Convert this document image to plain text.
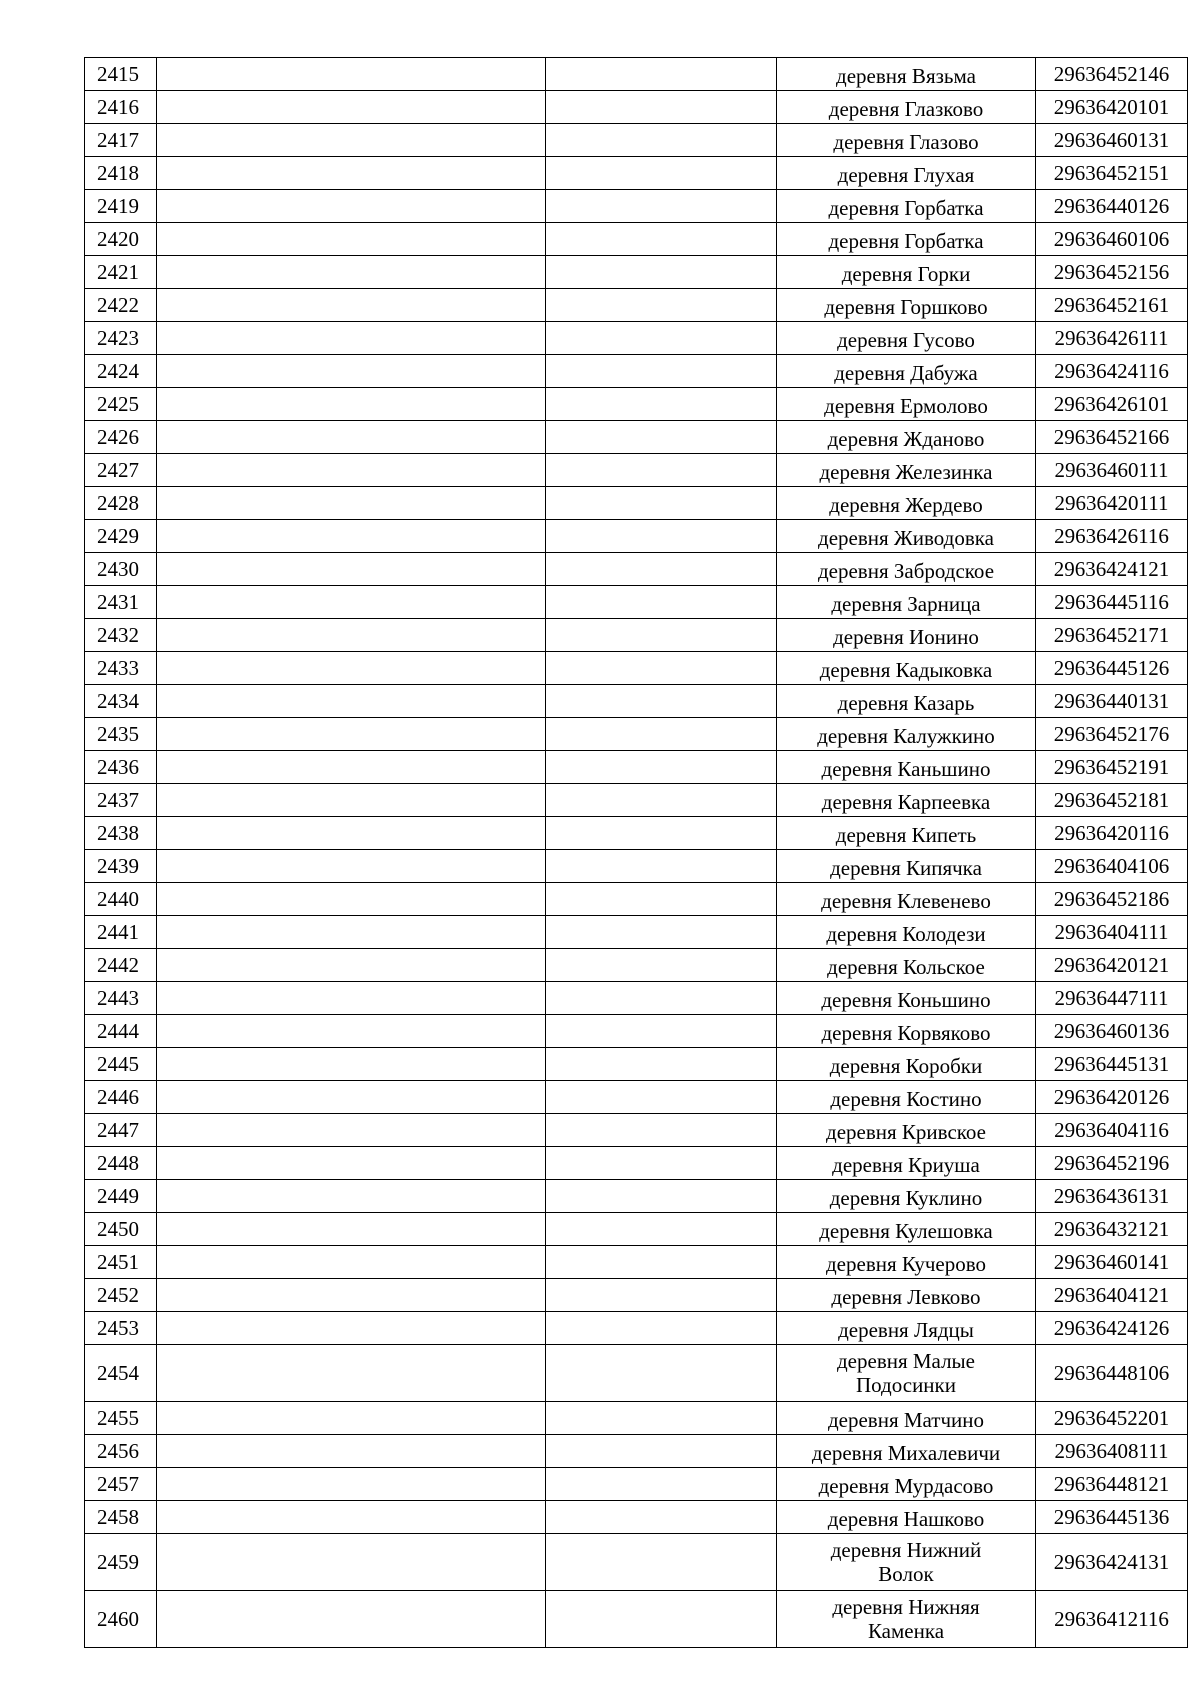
2415			деревня Вязьма	29636452146
2416			деревня Глазково	29636420101
2417			деревня Глазово	29636460131
2418			деревня Глухая	29636452151
2419			деревня Горбатка	29636440126
2420			деревня Горбатка	29636460106
2421			деревня Горки	29636452156
2422			деревня Горшково	29636452161
2423			деревня Гусово	29636426111
2424			деревня Дабужа	29636424116
2425			деревня Ермолово	29636426101
2426			деревня Жданово	29636452166
2427			деревня Железинка	29636460111
2428			деревня Жердево	29636420111
2429			деревня Живодовка	29636426116
2430			деревня Забродское	29636424121
2431			деревня Зарница	29636445116
2432			деревня Ионино	29636452171
2433			деревня Кадыковка	29636445126
2434			деревня Казарь	29636440131
2435			деревня Калужкино	29636452176
2436			деревня Каньшино	29636452191
2437			деревня Карпеевка	29636452181
2438			деревня Кипеть	29636420116
2439			деревня Кипячка	29636404106
2440			деревня Клевенево	29636452186
2441			деревня Колодези	29636404111
2442			деревня Кольское	29636420121
2443			деревня Коньшино	29636447111
2444			деревня Корвяково	29636460136
2445			деревня Коробки	29636445131
2446			деревня Костино	29636420126
2447			деревня Кривское	29636404116
2448			деревня Криуша	29636452196
2449			деревня Куклино	29636436131
2450			деревня Кулешовка	29636432121
2451			деревня Кучерово	29636460141
2452			деревня Левково	29636404121
2453			деревня Лядцы	29636424126
2454			деревня Малые
Подосинки	29636448106
2455			деревня Матчино	29636452201
2456			деревня Михалевичи	29636408111
2457			деревня Мурдасово	29636448121
2458			деревня Нашково	29636445136
2459			деревня Нижний
Волок	29636424131
2460			деревня Нижняя
Каменка	29636412116
